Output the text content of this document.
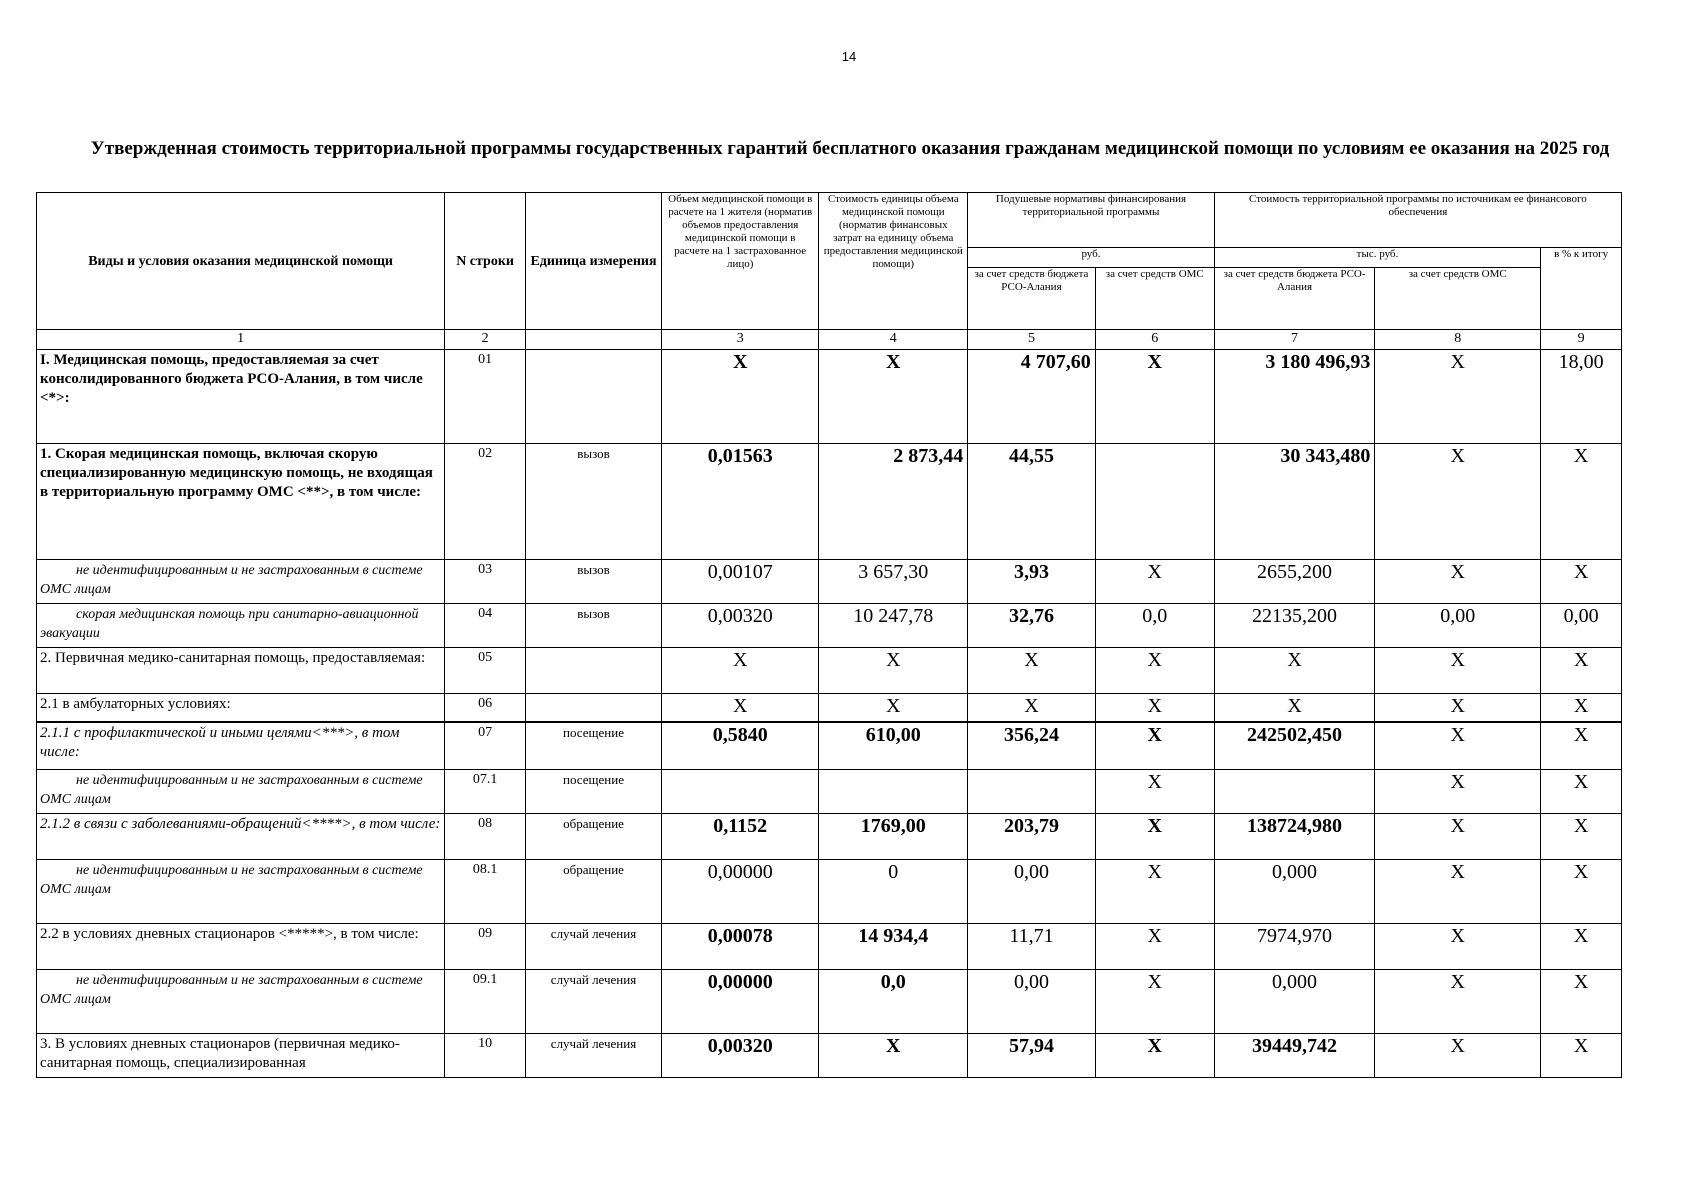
14
Утвержденная стоимость территориальной программы государственных гарантий бесплатного оказания гражданам медицинской помощи по условиям ее оказания на 2025 год
Виды и условия оказания медицинской помощи	N строки	Единица измерения	Объем медицинской помощи в расчете на 1 жителя (норматив объемов предоставления медицинской помощи в расчете на 1 застрахованное лицо)	Стоимость единицы объема медицинской помощи (норматив финансовых затрат на единицу объема предоставления медицинской помощи)	Подушевые нормативы финансирования территориальной программы		Стоимость территориальной программы по источникам ее финансового обеспечения		
					руб.		тыс. руб.		в % к итогу
					за счет средств бюджета РСО-Алания	за счет средств ОМС	за счет средств бюджета РСО-Алания	за счет средств ОМС	
1	2		3	4	5	6	7	8	9
I. Медицинская помощь, предоставляемая за счет консолидированного бюджета РСО-Алания, в том числе <*>:	01		X	X	4 707,60	X	3 180 496,93	X	18,00
1. Скорая медицинская помощь, включая скорую специализированную медицинскую помощь, не входящая в территориальную программу ОМС <**>, в том числе:	02	вызов	0,01563	2 873,44	44,55		30 343,480	X	X
не идентифицированным и не застрахованным в системе ОМС лицам	03	вызов	0,00107	3 657,30	3,93	X	2655,200	X	X
скорая медицинская помощь при санитарно-авиационной эвакуации	04	вызов	0,00320	10 247,78	32,76	0,0	22135,200	0,00	0,00
2. Первичная медико-санитарная помощь, предоставляемая:	05		X	X	X	X	X	X	X
2.1 в амбулаторных условиях:	06		X	X	X	X	X	X	X
2.1.1 с профилактической и иными целями<***>, в том числе:	07	посещение	0,5840	610,00	356,24	X	242502,450	X	X
не идентифицированным и не застрахованным в системе ОМС лицам	07.1	посещение				X		X	X
2.1.2 в связи с заболеваниями-обращений<****>, в том числе:	08	обращение	0,1152	1769,00	203,79	X	138724,980	X	X
не идентифицированным и не застрахованным в системе ОМС лицам	08.1	обращение	0,00000	0	0,00	X	0,000	X	X
2.2 в условиях дневных стационаров <*****>, в том числе:	09	случай лечения	0,00078	14 934,4	11,71	X	7974,970	X	X
не идентифицированным и не застрахованным в системе ОМС лицам	09.1	случай лечения	0,00000	0,0	0,00	X	0,000	X	X
3. В условиях дневных стационаров (первичная медико-санитарная помощь, специализированная	10	случай лечения	0,00320	X	57,94	X	39449,742	X	X
